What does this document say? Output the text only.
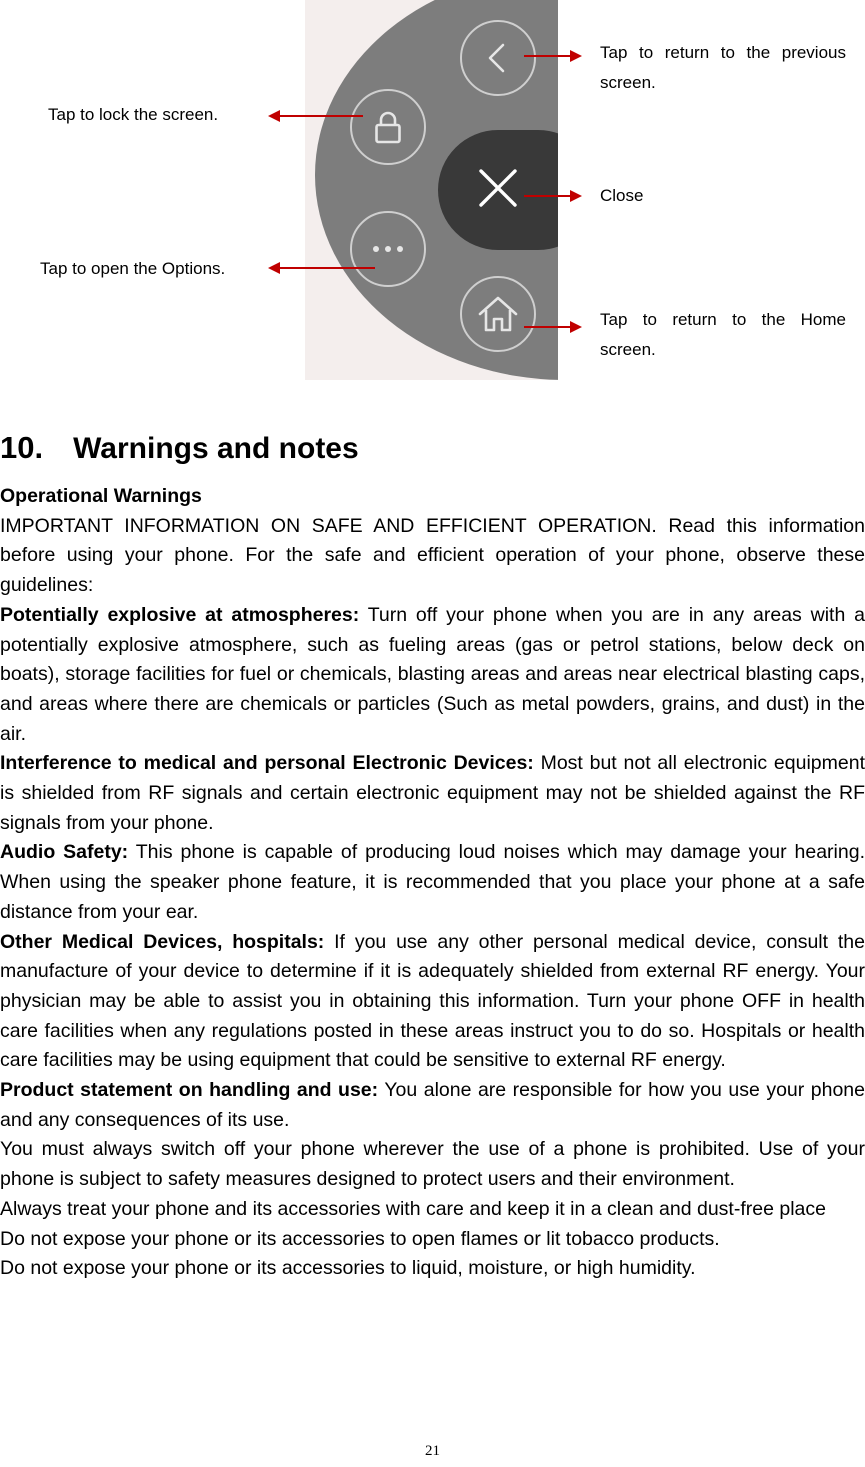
Tap to return to the previous screen.
Close
Tap to return to the Home screen.
Tap to lock the screen.
Tap to open the Options.
10. Warnings and notes

Operational Warnings

IMPORTANT INFORMATION ON SAFE AND EFFICIENT OPERATION. Read this information before using your phone. For the safe and efficient operation of your phone, observe these guidelines:

Potentially explosive at atmospheres: Turn off your phone when you are in any areas with a potentially explosive atmosphere, such as fueling areas (gas or petrol stations, below deck on boats), storage facilities for fuel or chemicals, blasting areas and areas near electrical blasting caps, and areas where there are chemicals or particles (Such as metal powders, grains, and dust) in the air.

Interference to medical and personal Electronic Devices: Most but not all electronic equipment is shielded from RF signals and certain electronic equipment may not be shielded against the RF signals from your phone.

Audio Safety: This phone is capable of producing loud noises which may damage your hearing. When using the speaker phone feature, it is recommended that you place your phone at a safe distance from your ear.

Other Medical Devices, hospitals: If you use any other personal medical device, consult the manufacture of your device to determine if it is adequately shielded from external RF energy. Your physician may be able to assist you in obtaining this information. Turn your phone OFF in health care facilities when any regulations posted in these areas instruct you to do so. Hospitals or health care facilities may be using equipment that could be sensitive to external RF energy.

Product statement on handling and use: You alone are responsible for how you use your phone and any consequences of its use.

You must always switch off your phone wherever the use of a phone is prohibited. Use of your phone is subject to safety measures designed to protect users and their environment.

Always treat your phone and its accessories with care and keep it in a clean and dust-free place

Do not expose your phone or its accessories to open flames or lit tobacco products.

Do not expose your phone or its accessories to liquid, moisture, or high humidity.

21
